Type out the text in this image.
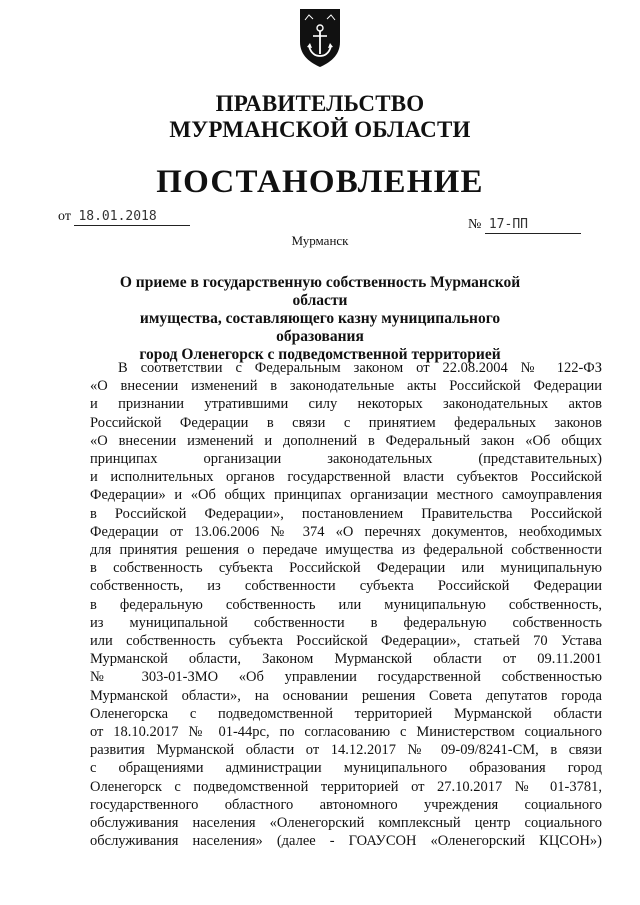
ПРАВИТЕЛЬСТВО
МУРМАНСКОЙ ОБЛАСТИ
ПОСТАНОВЛЕНИЕ
от 18.01.2018
№ 17-ПП
Мурманск
О приеме в государственную собственность Мурманской области
имущества, составляющего казну муниципального образования
город Оленегорск с подведомственной территорией
В соответствии с Федеральным законом от 22.08.2004 № 122-ФЗ
«О внесении изменений в законодательные акты Российской Федерации
и признании утратившими силу некоторых законодательных актов
Российской Федерации в связи с принятием федеральных законов
«О внесении изменений и дополнений в Федеральный закон «Об общих
принципах организации законодательных (представительных)
и исполнительных органов государственной власти субъектов Российской
Федерации» и «Об общих принципах организации местного самоуправления
в Российской Федерации», постановлением Правительства Российской
Федерации от 13.06.2006 № 374 «О перечнях документов, необходимых
для принятия решения о передаче имущества из федеральной собственности
в собственность субъекта Российской Федерации или муниципальную
собственность, из собственности субъекта Российской Федерации
в федеральную собственность или муниципальную собственность,
из муниципальной собственности в федеральную собственность
или собственность субъекта Российской Федерации», статьей 70 Устава
Мурманской области, Законом Мурманской области от 09.11.2001
№ 303-01-ЗМО «Об управлении государственной собственностью
Мурманской области», на основании решения Совета депутатов города
Оленегорска с подведомственной территорией Мурманской области
от 18.10.2017 № 01-44рс, по согласованию с Министерством социального
развития Мурманской области от 14.12.2017 № 09-09/8241-СМ, в связи
с обращениями администрации муниципального образования город
Оленегорск с подведомственной территорией от 27.10.2017 № 01-3781,
государственного областного автономного учреждения социального
обслуживания населения «Оленегорский комплексный центр социального
обслуживания населения» (далее - ГОАУСОН «Оленегорский КЦСОН»)
